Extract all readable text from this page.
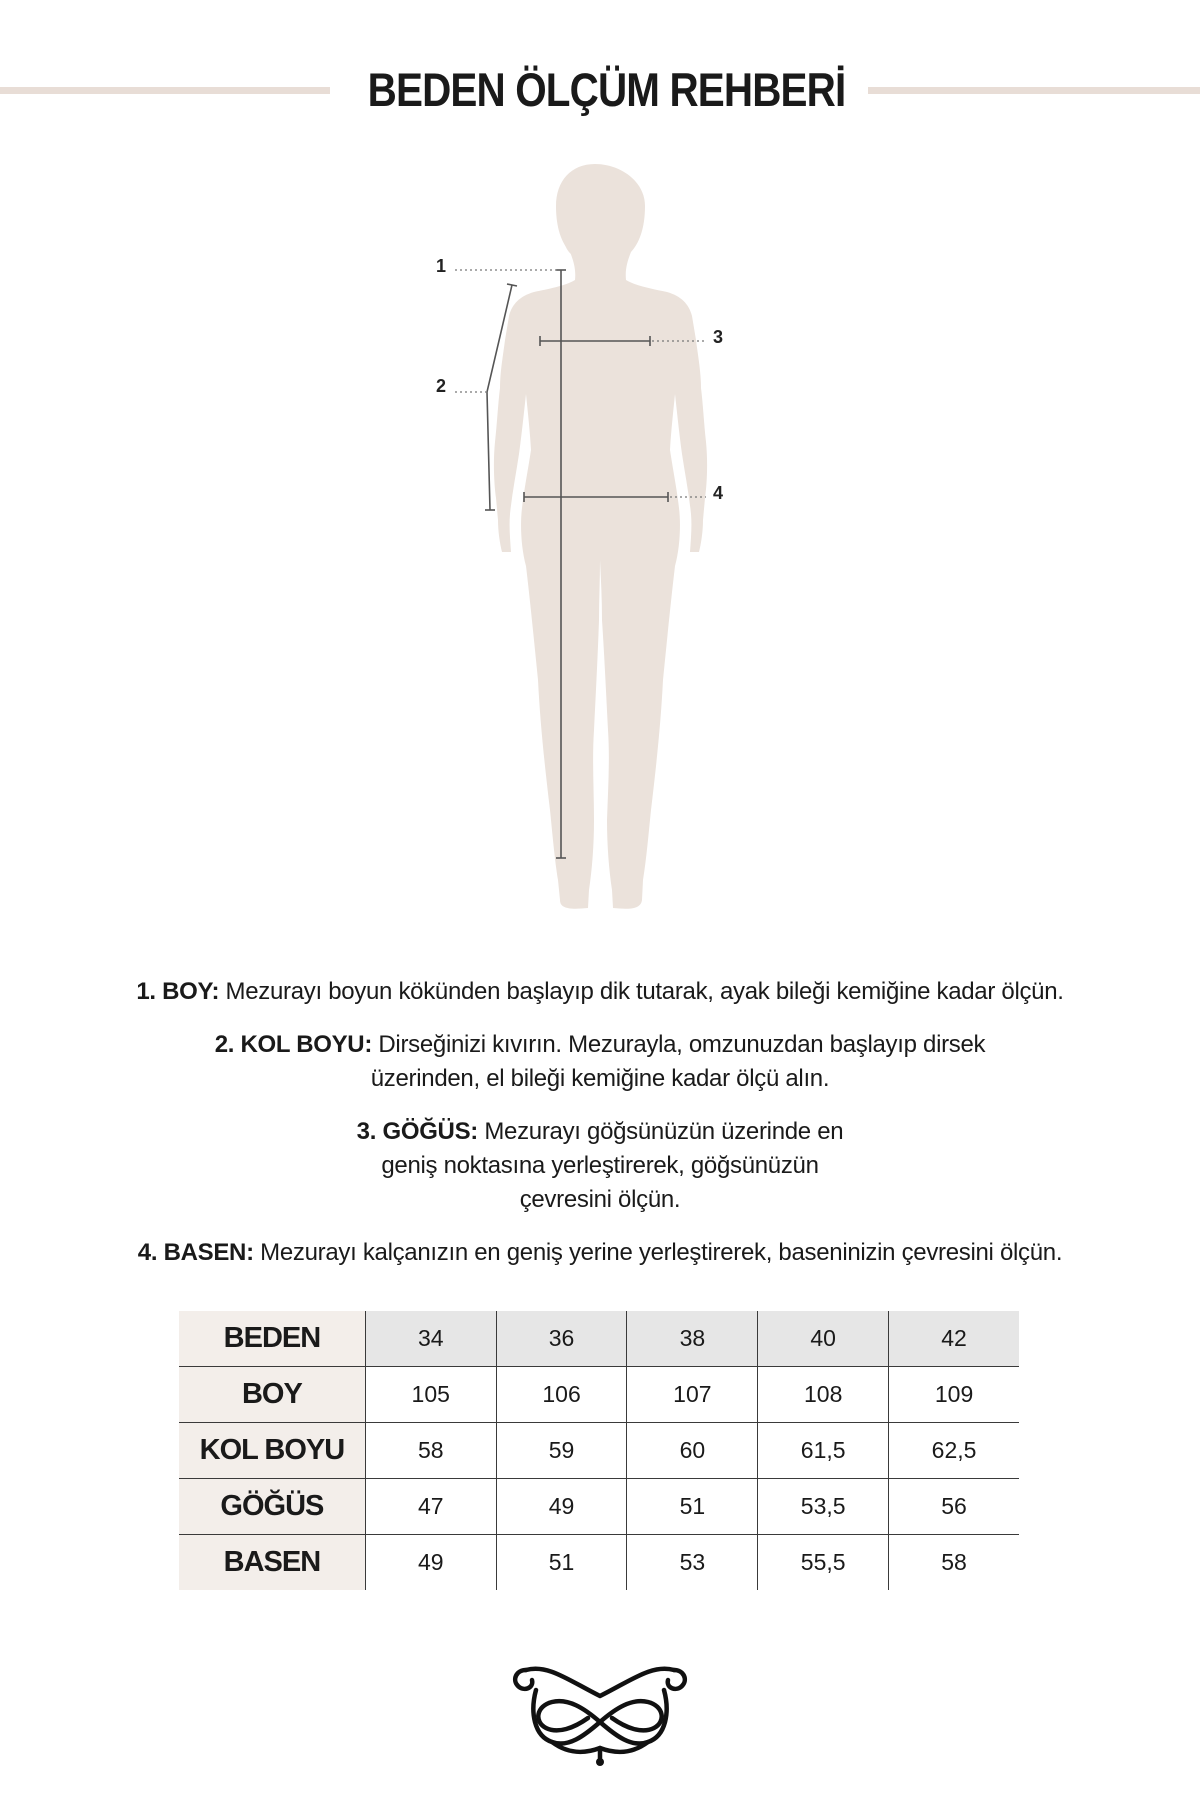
BEDEN ÖLÇÜM REHBERİ
1
2
3
4

1. BOY: Mezurayı boyun kökünden başlayıp dik tutarak, ayak bileği kemiğine kadar ölçün.

2. KOL BOYU: Dirseğinizi kıvırın. Mezurayla, omzunuzdan başlayıp dirsek üzerinden, el bileği kemiğine kadar ölçü alın.

3. GÖĞÜS: Mezurayı göğsünüzün üzerinde en geniş noktasına yerleştirerek, göğsünüzün çevresini ölçün.

4. BASEN: Mezurayı kalçanızın en geniş yerine yerleştirerek, baseninizin çevresini ölçün.

BEDEN	34	36	38	40	42
BOY	105	106	107	108	109
KOL BOYU	58	59	60	61,5	62,5
GÖĞÜS	47	49	51	53,5	56
BASEN	49	51	53	55,5	58
